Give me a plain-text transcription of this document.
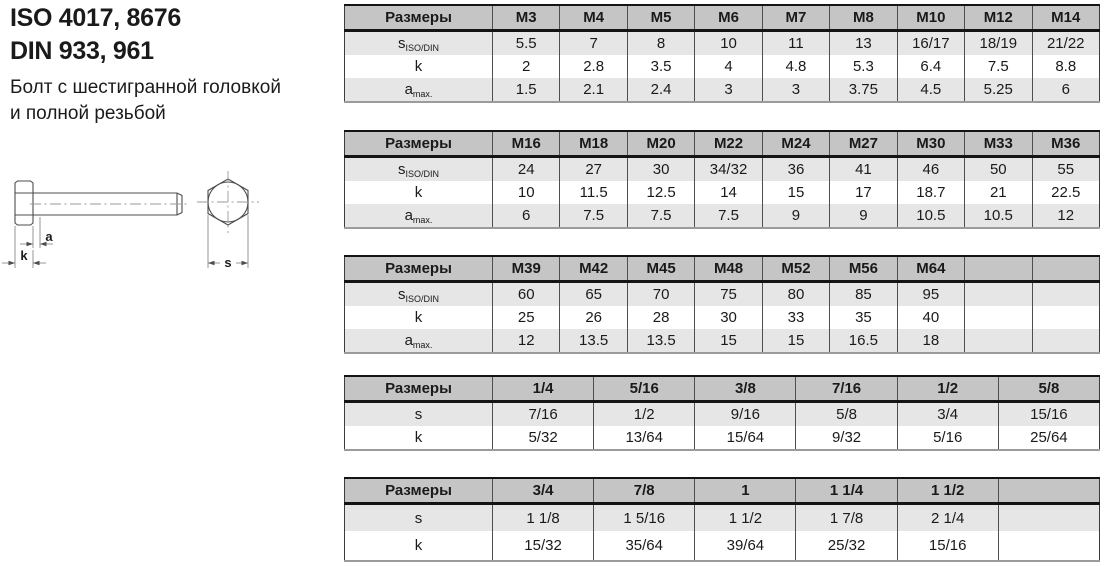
ISO 4017, 8676
DIN 933, 961
Болт с шестигранной головкой
и полной резьбой
a
k	s
Размеры	M3	M4	M5	M6	M7	M8	M10	M12	M14
$s_{ISO/DIN}$	5.5	7	8	10	11	13	16/17	18/19	21/22
k	2	2.8	3.5	4	4.8	5.3	6.4	7.5	8.8
$a_{max.}$	1.5	2.1	2.4	3	3	3.75	4.5	5.25	6
Размеры	M16	M18	M20	M22	M24	M27	M30	M33	M36
$s_{ISO/DIN}$	24	27	30	34/32	36	41	46	50	55
k	10	11.5	12.5	14	15	17	18.7	21	22.5
$a_{max.}$	6	7.5	7.5	7.5	9	9	10.5	10.5	12
Размеры	M39	M42	M45	M48	M52	M56	M64		
$s_{ISO/DIN}$	60	65	70	75	80	85	95		
k	25	26	28	30	33	35	40		
$a_{max.}$	12	13.5	13.5	15	15	16.5	18		
Размеры	1/4	5/16	3/8	7/16	1/2	5/8
s	7/16	1/2	9/16	5/8	3/4	15/16
k	5/32	13/64	15/64	9/32	5/16	25/64
Размеры	3/4	7/8	1	1 1/4	1 1/2	
s	1 1/8	1 5/16	1 1/2	1 7/8	2 1/4	
k	15/32	35/64	39/64	25/32	15/16	
